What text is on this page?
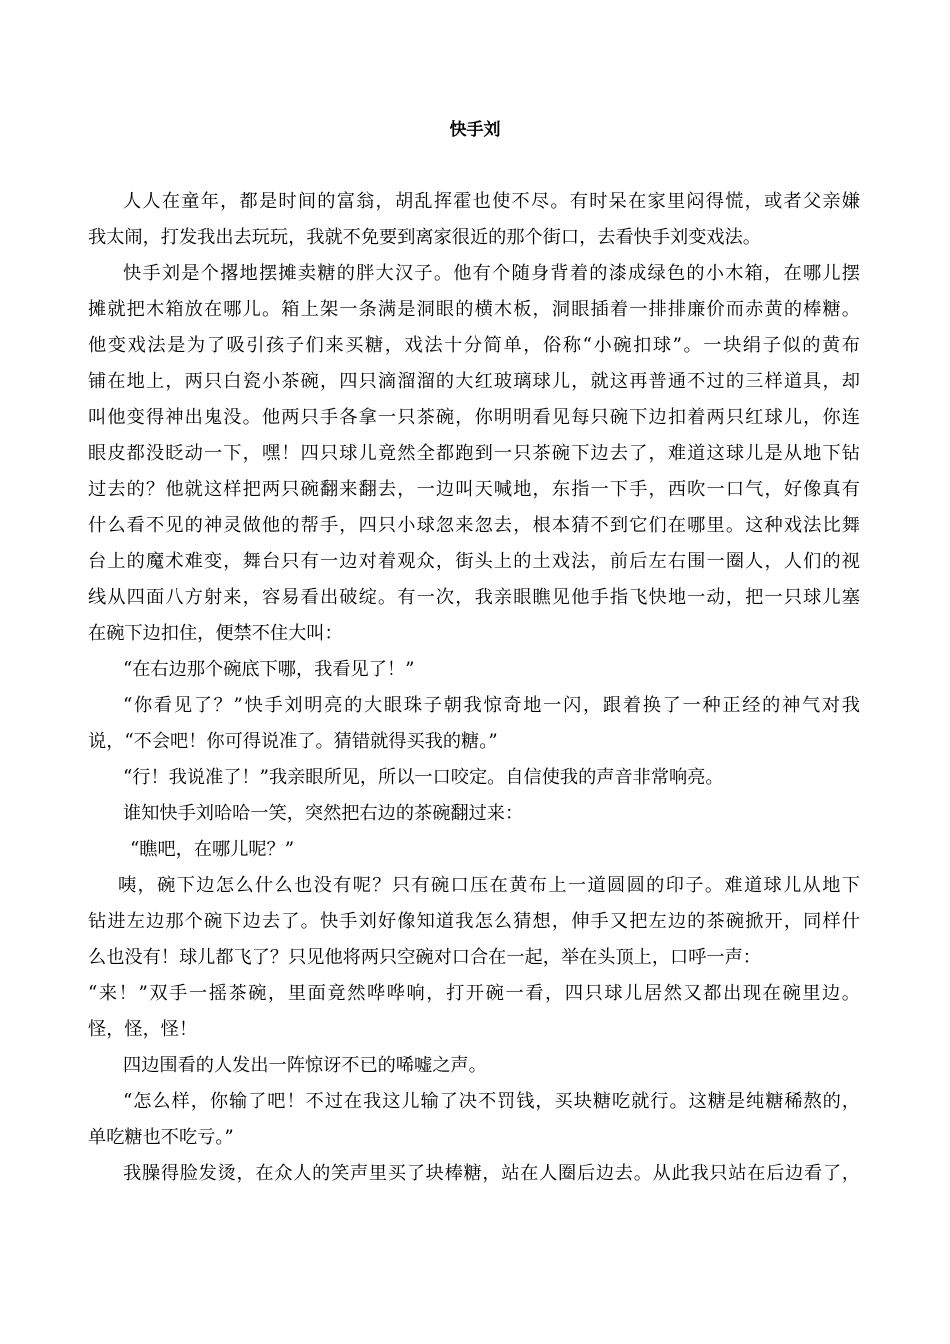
快手刘
人人在童年，都是时间的富翁，胡乱挥霍也使不尽。有时呆在家里闷得慌，或者父亲嫌
我太闹，打发我出去玩玩，我就不免要到离家很近的那个街口，去看快手刘变戏法。
快手刘是个撂地摆摊卖糖的胖大汉子。他有个随身背着的漆成绿色的小木箱，在哪儿摆
摊就把木箱放在哪儿。箱上架一条满是洞眼的横木板，洞眼插着一排排廉价而赤黄的棒糖。
他变戏法是为了吸引孩子们来买糖，戏法十分简单，俗称“小碗扣球”。一块绢子似的黄布
铺在地上，两只白瓷小茶碗，四只滴溜溜的大红玻璃球儿，就这再普通不过的三样道具，却
叫他变得神出鬼没。他两只手各拿一只茶碗，你明明看见每只碗下边扣着两只红球儿，你连
眼皮都没眨动一下，嘿！四只球儿竟然全都跑到一只茶碗下边去了，难道这球儿是从地下钻
过去的？他就这样把两只碗翻来翻去，一边叫天喊地，东指一下手，西吹一口气，好像真有
什么看不见的神灵做他的帮手，四只小球忽来忽去，根本猜不到它们在哪里。这种戏法比舞
台上的魔术难变，舞台只有一边对着观众，街头上的土戏法，前后左右围一圈人，人们的视
线从四面八方射来，容易看出破绽。有一次，我亲眼瞧见他手指飞快地一动，把一只球儿塞
在碗下边扣住，便禁不住大叫：
“在右边那个碗底下哪，我看见了！”
“你看见了？”快手刘明亮的大眼珠子朝我惊奇地一闪，跟着换了一种正经的神气对我
说，“不会吧！你可得说准了。猜错就得买我的糖。”
“行！我说准了！”我亲眼所见，所以一口咬定。自信使我的声音非常响亮。
谁知快手刘哈哈一笑，突然把右边的茶碗翻过来：
“瞧吧，在哪儿呢？”
咦，碗下边怎么什么也没有呢？只有碗口压在黄布上一道圆圆的印子。难道球儿从地下
钻进左边那个碗下边去了。快手刘好像知道我怎么猜想，伸手又把左边的茶碗掀开，同样什
么也没有！球儿都飞了？只见他将两只空碗对口合在一起，举在头顶上，口呼一声：
“来！”双手一摇茶碗，里面竟然哗哗响，打开碗一看，四只球儿居然又都出现在碗里边。
怪，怪，怪！
四边围看的人发出一阵惊讶不已的唏嘘之声。
“怎么样，你输了吧！不过在我这儿输了决不罚钱，买块糖吃就行。这糖是纯糖稀熬的，
单吃糖也不吃亏。”
我臊得脸发烫，在众人的笑声里买了块棒糖，站在人圈后边去。从此我只站在后边看了，
